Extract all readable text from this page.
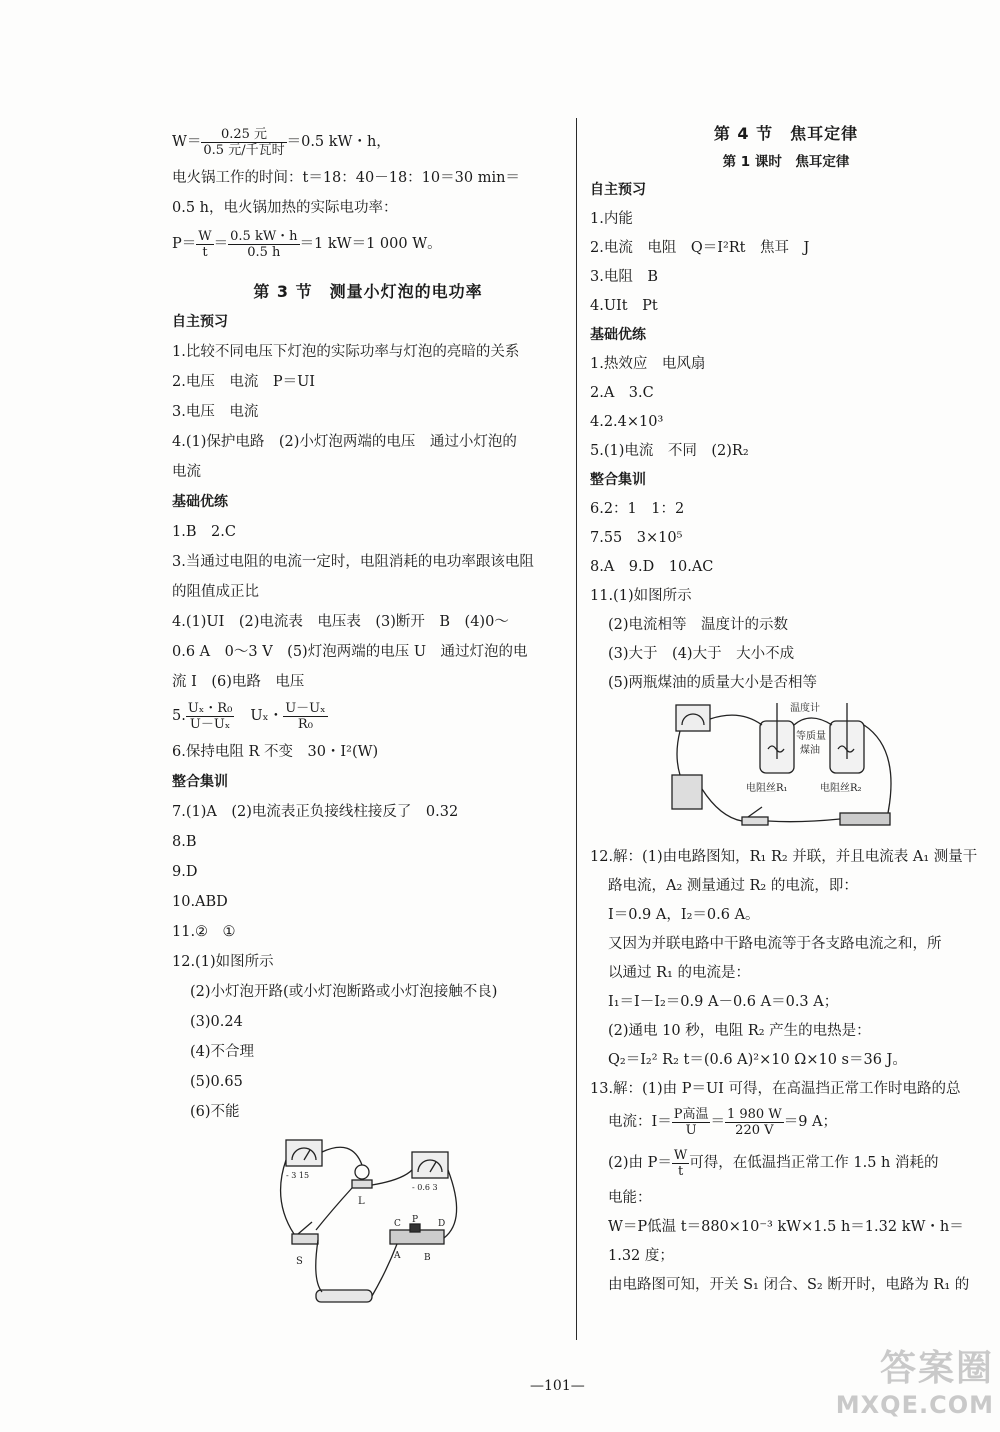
$W= \frac{\text{0.25 元}}{\text{0.5 元/千瓦时}} =0.5$ kW・h，

电火锅工作的时间：t＝18：40－18：10＝30 min＝

0.5 h，电火锅加热的实际电功率：

$P= \frac{W}{t} = \frac{0.5 kW・h}{0.5 h} =1$ kW＝1 000 W。

第 3 节　测量小灯泡的电功率

自主预习

1.比较不同电压下灯泡的实际功率与灯泡的亮暗的关系

2.电压　电流　P＝UI

3.电压　电流

4.(1)保护电路　(2)小灯泡两端的电压　通过小灯泡的

电流

基础优练

1.B　2.C

3.当通过电阻的电流一定时，电阻消耗的电功率跟该电阻

的阻值成正比

4.(1)UI　(2)电流表　电压表　(3)断开　B　(4)0～

0.6 A　0～3 V　(5)灯泡两端的电压 U　通过灯泡的电

流 I　(6)电路　电压

5. $\frac{\text{Uₓ・R₀}}{\text{U－Uₓ}}$ Uₓ・ $\frac{\text{U－Uₓ}}{\text{R₀}}$

6.保持电阻 R 不变　30・I²(W)

整合集训

7.(1)A　(2)电流表正负接线柱接反了　0.32

8.B

9.D

10.ABD

11.②　①

12.(1)如图所示

(2)小灯泡开路(或小灯泡断路或小灯泡接触不良)

(3)0.24

(4)不合理

(5)0.65

(6)不能

- 3 15
- 0.6 3
L
S
C P D
A	B

第 4 节　焦耳定律

第 1 课时　焦耳定律

自主预习

1.内能

2.电流　电阻　Q＝I²Rt　焦耳　J

3.电阻　B

4.UIt　Pt

基础优练

1.热效应　电风扇

2.A　3.C

4.2.4×10³

5.(1)电流　不同　(2)R₂

整合集训

6.2：1　1：2

7.55　3×10⁵

8.A　9.D　10.AC

11.(1)如图所示

(2)电流相等　温度计的示数

(3)大于　(4)大于　大小不成

(5)两瓶煤油的质量大小是否相等

温度计
等质量
煤油
电阻丝R₁	电阻丝R₂

12.解：(1)由电路图知，R₁ R₂ 并联，并且电流表 A₁ 测量干

路电流，A₂ 测量通过 R₂ 的电流，即：

I＝0.9 A，I₂＝0.6 A。

又因为并联电路中干路电流等于各支路电流之和，所

以通过 R₁ 的电流是：

I₁＝I－I₂＝0.9 A－0.6 A＝0.3 A；

(2)通电 10 秒，电阻 R₂ 产生的电热是：

Q₂＝I₂² R₂ t＝(0.6 A)²×10 Ω×10 s＝36 J。

13.解：(1)由 P＝UI 可得，在高温挡正常工作时电路的总

电流：$I= \frac{\text{P高温}}{U} = \frac{1 980 W}{220 V} =9$ A；
(2)由 $P= \frac{W}{t}$ 可得，在低温挡正常工作 1.5 h 消耗的

电能：

W＝P低温 t＝880×10⁻³ kW×1.5 h＝1.32 kW・h＝

1.32 度；

由电路图可知，开关 S₁ 闭合、S₂ 断开时，电路为 R₁ 的

—101—	答案圈
MXQE.COM
